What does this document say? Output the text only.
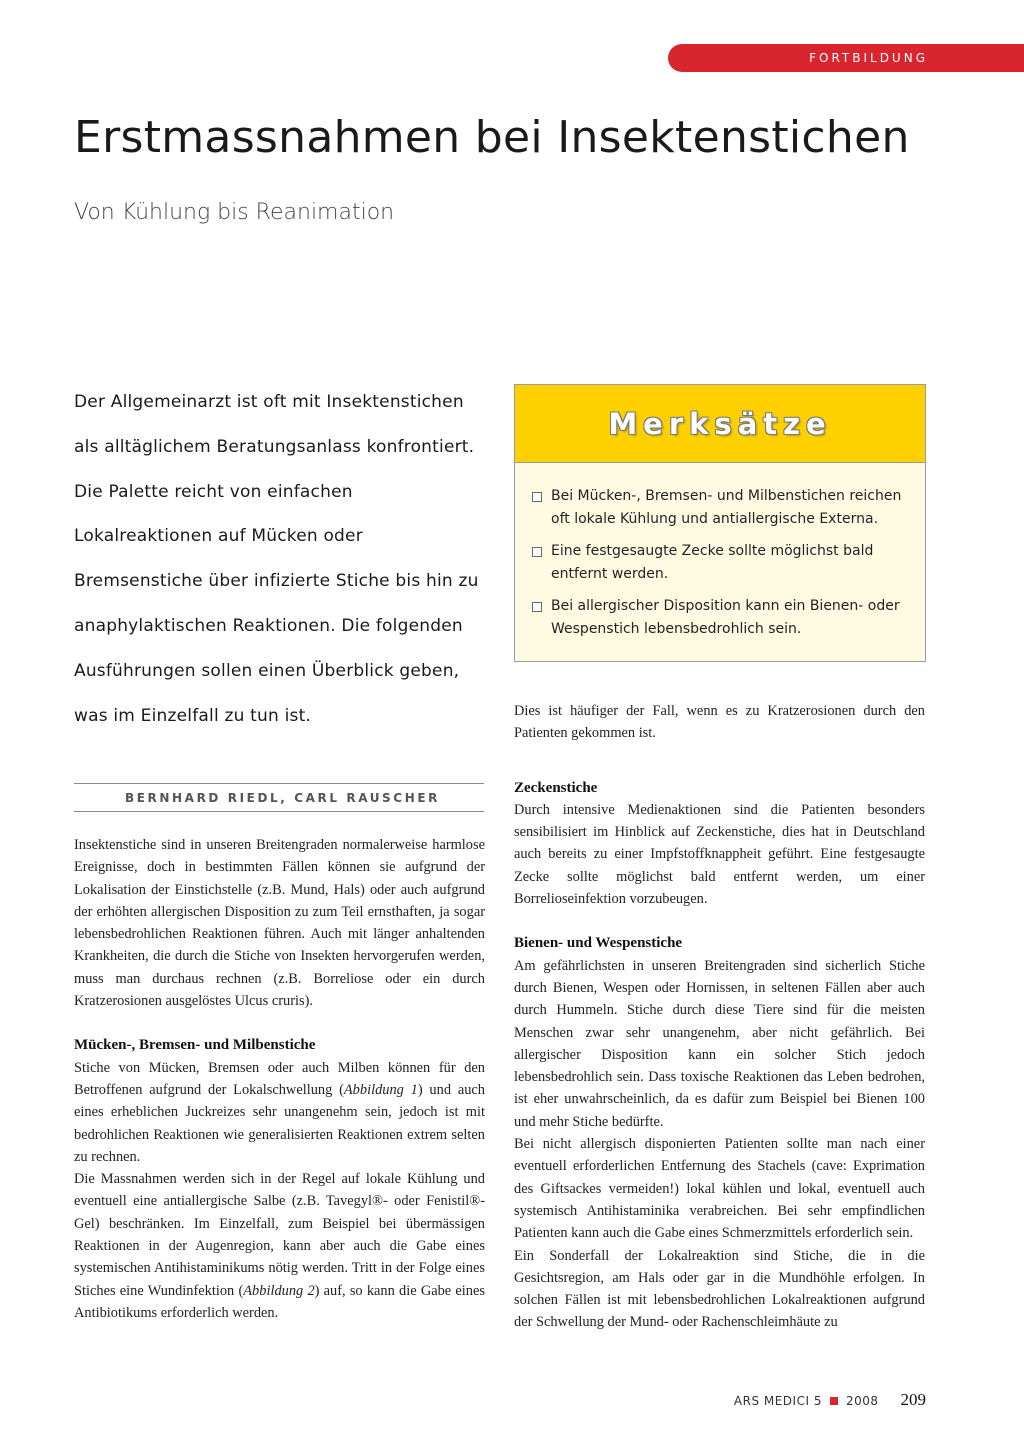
FORTBILDUNG
Erstmassnahmen bei Insektenstichen
Von Kühlung bis Reanimation

Der Allgemeinarzt ist oft mit Insektenstichen als alltäglichem Beratungsanlass konfrontiert. Die Palette reicht von einfachen Lokalreaktionen auf Mücken oder Bremsenstiche über infizierte Stiche bis hin zu anaphylaktischen Reaktionen. Die folgenden Ausführungen sollen einen Überblick geben, was im Einzelfall zu tun ist.

BERNHARD RIEDL, CARL RAUSCHER
Merksätze
Bei Mücken-, Bremsen- und Milbenstichen reichen oft lokale Kühlung und antiallergische Externa.
Eine festgesaugte Zecke sollte möglichst bald entfernt werden.
Bei allergischer Disposition kann ein Bienen- oder Wespenstich lebensbedrohlich sein.

Insektenstiche sind in unseren Breitengraden normalerweise harmlose Ereignisse, doch in bestimmten Fällen können sie aufgrund der Lokalisation der Einstichstelle (z.B. Mund, Hals) oder auch aufgrund der erhöhten allergischen Disposition zu zum Teil ernsthaften, ja sogar lebensbedrohlichen Reaktionen führen. Auch mit länger anhaltenden Krankheiten, die durch die Stiche von Insekten hervorgerufen werden, muss man durchaus rechnen (z.B. Borreliose oder ein durch Kratzerosionen ausgelöstes Ulcus cruris).

Mücken-, Bremsen- und Milbenstiche

Stiche von Mücken, Bremsen oder auch Milben können für den Betroffenen aufgrund der Lokalschwellung (Abbildung 1) und auch eines erheblichen Juckreizes sehr unangenehm sein, jedoch ist mit bedrohlichen Reaktionen wie generalisierten Reaktionen extrem selten zu rechnen.

Die Massnahmen werden sich in der Regel auf lokale Kühlung und eventuell eine antiallergische Salbe (z.B. Tavegyl®- oder Fenistil®-Gel) beschränken. Im Einzelfall, zum Beispiel bei übermässigen Reaktionen in der Augenregion, kann aber auch die Gabe eines systemischen Antihistaminikums nötig werden. Tritt in der Folge eines Stiches eine Wundinfektion (Abbildung 2) auf, so kann die Gabe eines Antibiotikums erforderlich werden.

Dies ist häufiger der Fall, wenn es zu Kratzerosionen durch den Patienten gekommen ist.

Zeckenstiche

Durch intensive Medienaktionen sind die Patienten besonders sensibilisiert im Hinblick auf Zeckenstiche, dies hat in Deutschland auch bereits zu einer Impfstoffknappheit geführt. Eine festgesaugte Zecke sollte möglichst bald entfernt werden, um einer Borrelioseinfektion vorzubeugen.

Bienen- und Wespenstiche

Am gefährlichsten in unseren Breitengraden sind sicherlich Stiche durch Bienen, Wespen oder Hornissen, in seltenen Fällen aber auch durch Hummeln. Stiche durch diese Tiere sind für die meisten Menschen zwar sehr unangenehm, aber nicht gefährlich. Bei allergischer Disposition kann ein solcher Stich jedoch lebensbedrohlich sein. Dass toxische Reaktionen das Leben bedrohen, ist eher unwahrscheinlich, da es dafür zum Beispiel bei Bienen 100 und mehr Stiche bedürfte.

Bei nicht allergisch disponierten Patienten sollte man nach einer eventuell erforderlichen Entfernung des Stachels (cave: Exprimation des Giftsackes vermeiden!) lokal kühlen und lokal, eventuell auch systemisch Antihistaminika verabreichen. Bei sehr empfindlichen Patienten kann auch die Gabe eines Schmerzmittels erforderlich sein.

Ein Sonderfall der Lokalreaktion sind Stiche, die in die Gesichtsregion, am Hals oder gar in die Mundhöhle erfolgen. In solchen Fällen ist mit lebensbedrohlichen Lokalreaktionen aufgrund der Schwellung der Mund- oder Rachenschleimhäute zu

ARS MEDICI 5 2008 209
